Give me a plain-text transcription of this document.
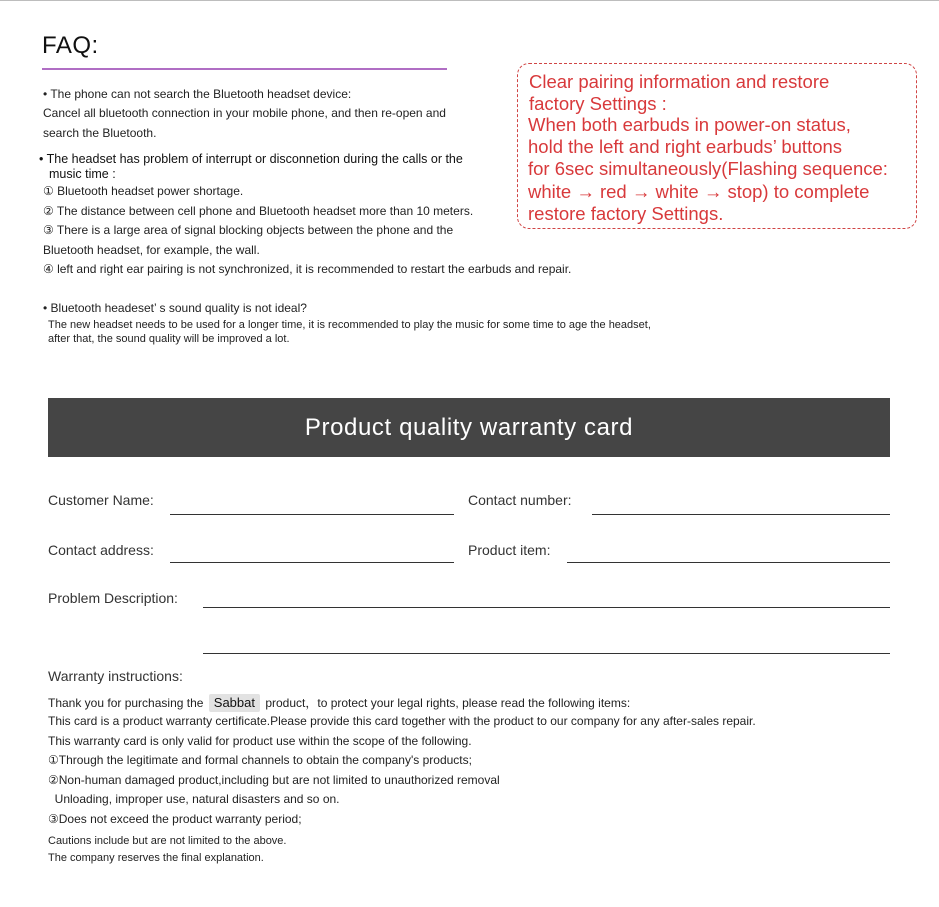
FAQ:
• The phone can not search the Bluetooth headset device:
Cancel all bluetooth connection in your mobile phone, and then re-open and
search the Bluetooth.
• The headset has problem of interrupt or disconnetion during the calls or the
music time :
① Bluetooth headset power shortage.
② The distance between cell phone and Bluetooth headset more than 10 meters.
③ There is a large area of signal blocking objects between the phone and the
Bluetooth headset, for example, the wall.
④ left and right ear pairing is not synchronized, it is recommended to restart the earbuds and repair.
• Bluetooth headeset’ s sound quality is not ideal?
The new headset needs to be used for a longer time, it is recommended to play the music for some time to age the headset,
after that, the sound quality will be improved a lot.
Clear pairing information and restore
factory Settings :
When both earbuds in power-on status,
hold the left and right earbuds’ buttons
for 6sec simultaneously(Flashing sequence:
white → red → white → stop) to complete
restore factory Settings.
Product quality warranty card
Customer Name:	Contact number:
Contact address:	Product item:
Problem Description:
Warranty instructions:
Thank you for purchasing the Sabbat product，to protect your legal rights, please read the following items:
This card is a product warranty certificate.Please provide this card together with the product to our company for any after-sales repair.
This warranty card is only valid for product use within the scope of the following.
①Through the legitimate and formal channels to obtain the company's products;
②Non-human damaged product,including but are not limited to unauthorized removal
Unloading, improper use, natural disasters and so on.
③Does not exceed the product warranty period;
Cautions include but are not limited to the above.
The company reserves the final explanation.
